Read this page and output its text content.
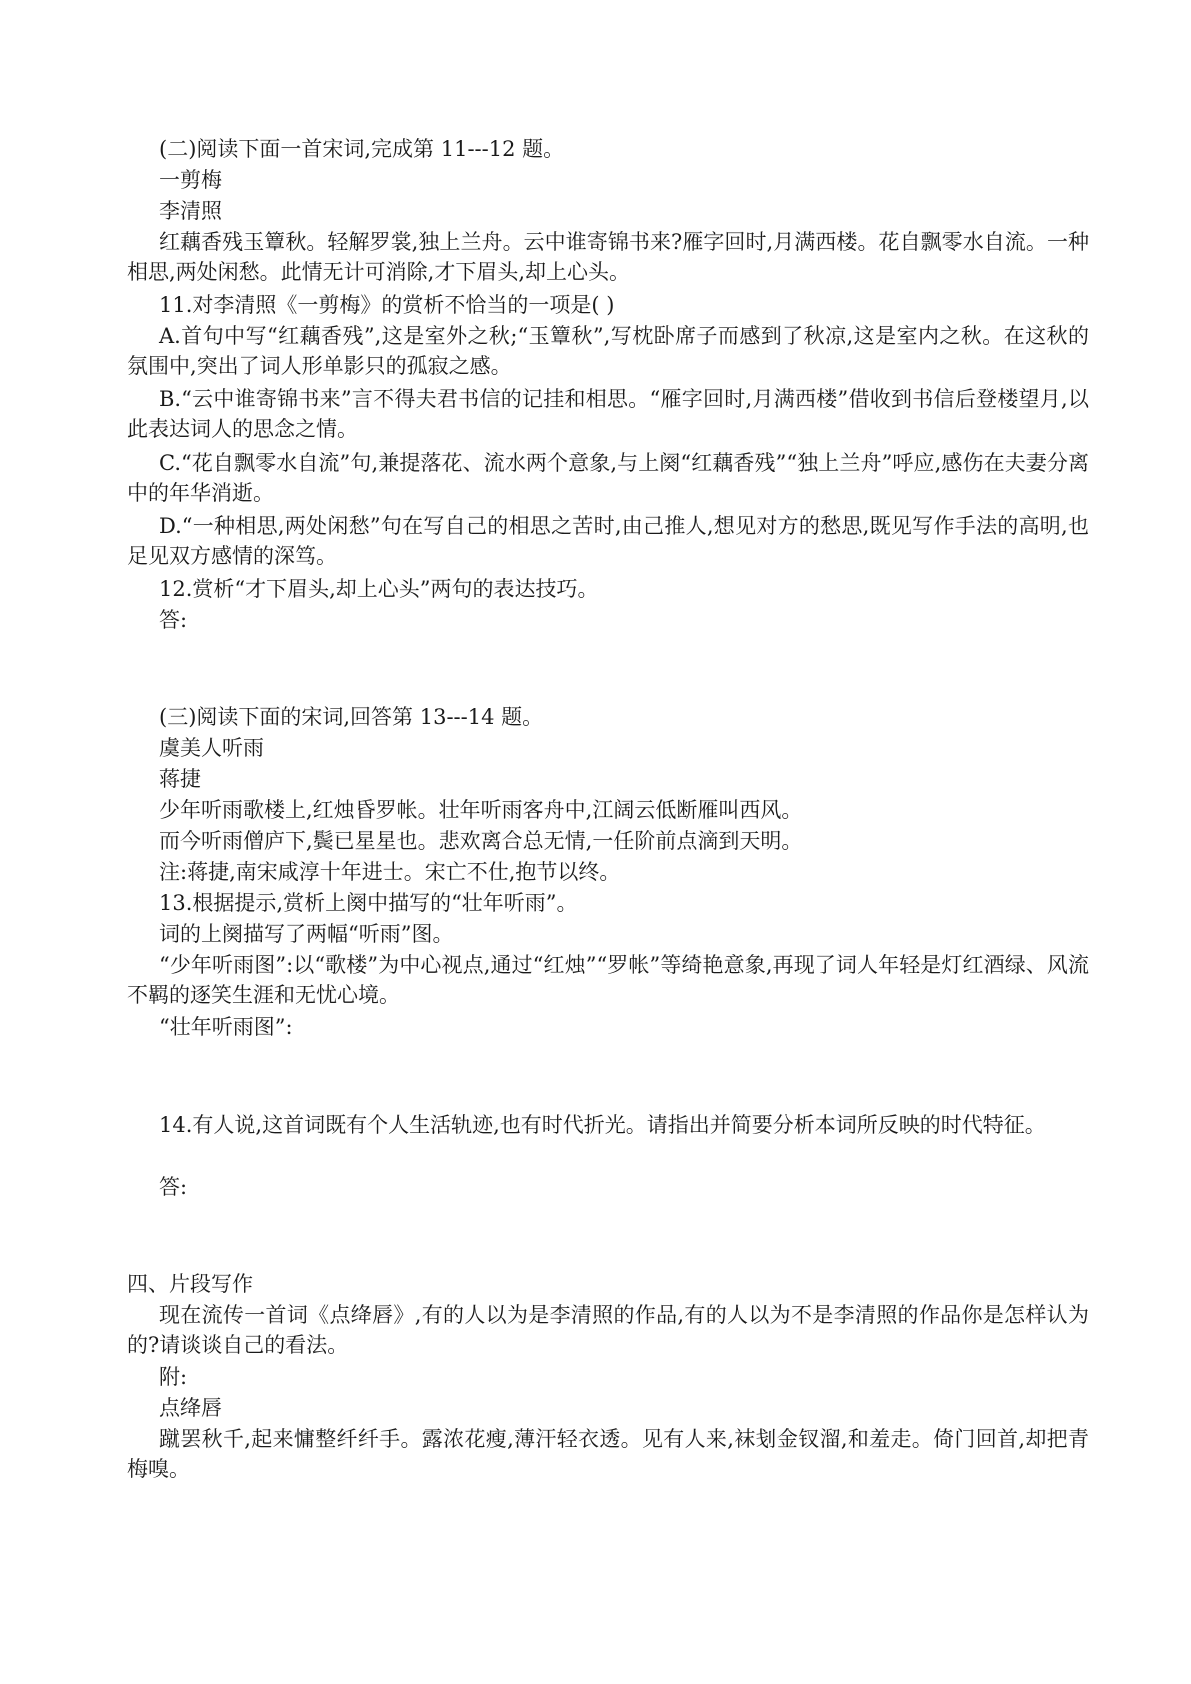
(二)阅读下面一首宋词,完成第 11---12 题。
一剪梅
李清照
红藕香残玉簟秋。轻解罗裳,独上兰舟。云中谁寄锦书来?雁字回时,月满西楼。花自飘零水自流。一种相思,两处闲愁。此情无计可消除,才下眉头,却上心头。
11.对李清照《一剪梅》的赏析不恰当的一项是( )
A.首句中写“红藕香残”,这是室外之秋;“玉簟秋”,写枕卧席子而感到了秋凉,这是室内之秋。在这秋的氛围中,突出了词人形单影只的孤寂之感。
B.“云中谁寄锦书来”言不得夫君书信的记挂和相思。“雁字回时,月满西楼”借收到书信后登楼望月,以此表达词人的思念之情。
C.“花自飘零水自流”句,兼提落花、流水两个意象,与上阕“红藕香残”“独上兰舟”呼应,感伤在夫妻分离中的年华消逝。
D.“一种相思,两处闲愁”句在写自己的相思之苦时,由己推人,想见对方的愁思,既见写作手法的高明,也足见双方感情的深笃。
12.赏析“才下眉头,却上心头”两句的表达技巧。
答:
(三)阅读下面的宋词,回答第 13---14 题。
虞美人听雨
蒋捷
少年听雨歌楼上,红烛昏罗帐。壮年听雨客舟中,江阔云低断雁叫西风。
而今听雨僧庐下,鬓已星星也。悲欢离合总无情,一任阶前点滴到天明。
注:蒋捷,南宋咸淳十年进士。宋亡不仕,抱节以终。
13.根据提示,赏析上阕中描写的“壮年听雨”。
词的上阕描写了两幅“听雨”图。
“少年听雨图”:以“歌楼”为中心视点,通过“红烛”“罗帐”等绮艳意象,再现了词人年轻是灯红酒绿、风流不羁的逐笑生涯和无忧心境。
“壮年听雨图”:
14.有人说,这首词既有个人生活轨迹,也有时代折光。请指出并简要分析本词所反映的时代特征。
答:
四、片段写作
现在流传一首词《点绛唇》,有的人以为是李清照的作品,有的人以为不是李清照的作品你是怎样认为的?请谈谈自己的看法。
附:
点绛唇
蹴罢秋千,起来慵整纤纤手。露浓花瘦,薄汗轻衣透。见有人来,袜刬金钗溜,和羞走。倚门回首,却把青梅嗅。
